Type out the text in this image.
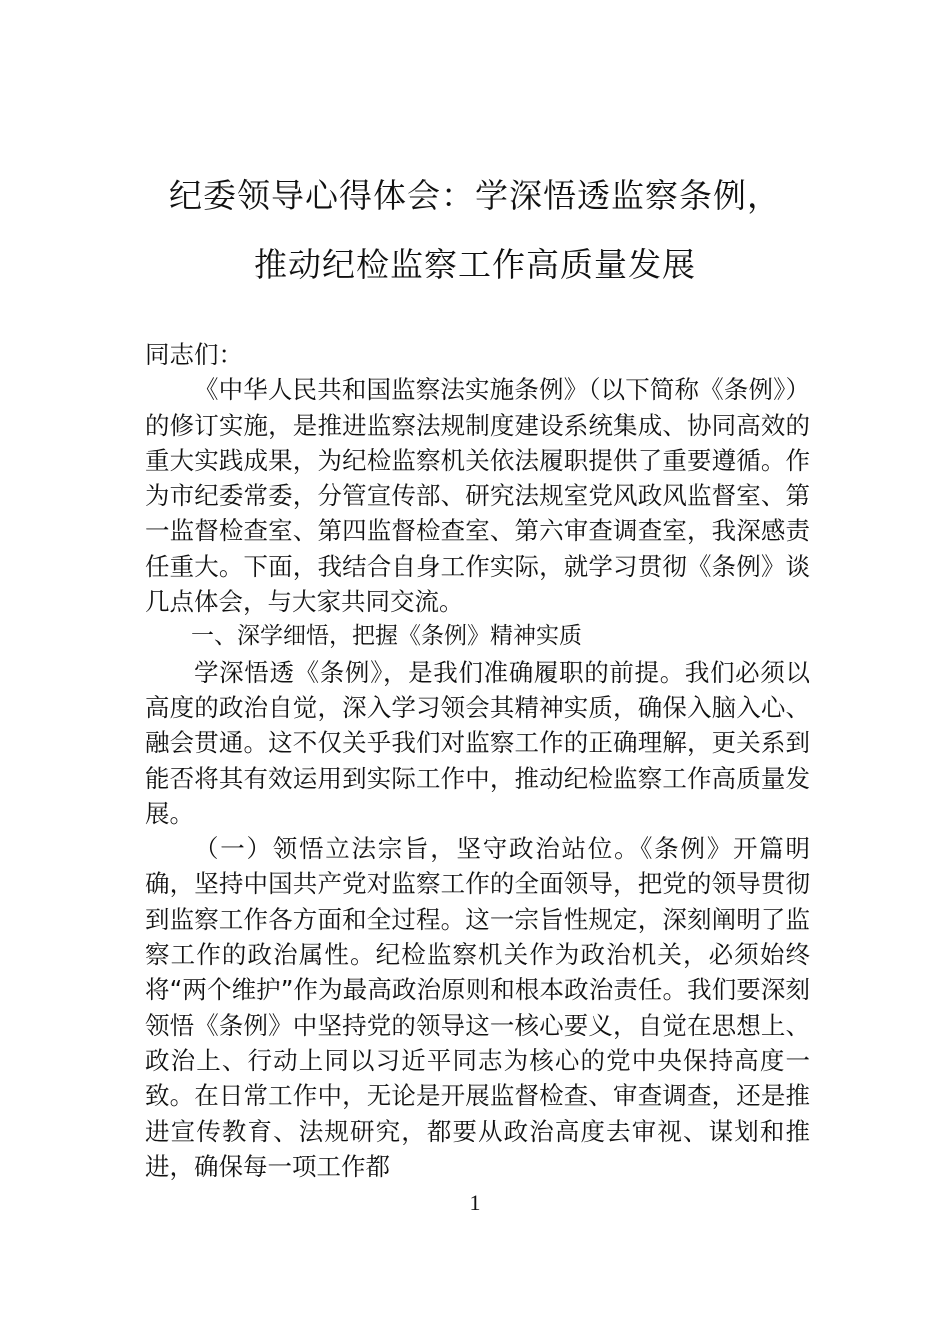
纪委领导心得体会：学深悟透监察条例，
推动纪检监察工作高质量发展

同志们：

《中华人民共和国监察法实施条例》（以下简称《条例》）的修订实施，是推进监察法规制度建设系统集成、协同高效的重大实践成果，为纪检监察机关依法履职提供了重要遵循。作为市纪委常委，分管宣传部、研究法规室党风政风监督室、第一监督检查室、第四监督检查室、第六审查调查室，我深感责任重大。下面，我结合自身工作实际，就学习贯彻《条例》谈几点体会，与大家共同交流。

一、深学细悟，把握《条例》精神实质

学深悟透《条例》，是我们准确履职的前提。我们必须以高度的政治自觉，深入学习领会其精神实质，确保入脑入心、融会贯通。这不仅关乎我们对监察工作的正确理解，更关系到能否将其有效运用到实际工作中，推动纪检监察工作高质量发展。

（一）领悟立法宗旨，坚守政治站位。《条例》开篇明确，坚持中国共产党对监察工作的全面领导，把党的领导贯彻到监察工作各方面和全过程。这一宗旨性规定，深刻阐明了监察工作的政治属性。纪检监察机关作为政治机关，必须始终将“两个维护”作为最高政治原则和根本政治责任。我们要深刻领悟《条例》中坚持党的领导这一核心要义，自觉在思想上、政治上、行动上同以习近平同志为核心的党中央保持高度一致。在日常工作中，无论是开展监督检查、审查调查，还是推进宣传教育、法规研究，都要从政治高度去审视、谋划和推进，确保每一项工作都

1
